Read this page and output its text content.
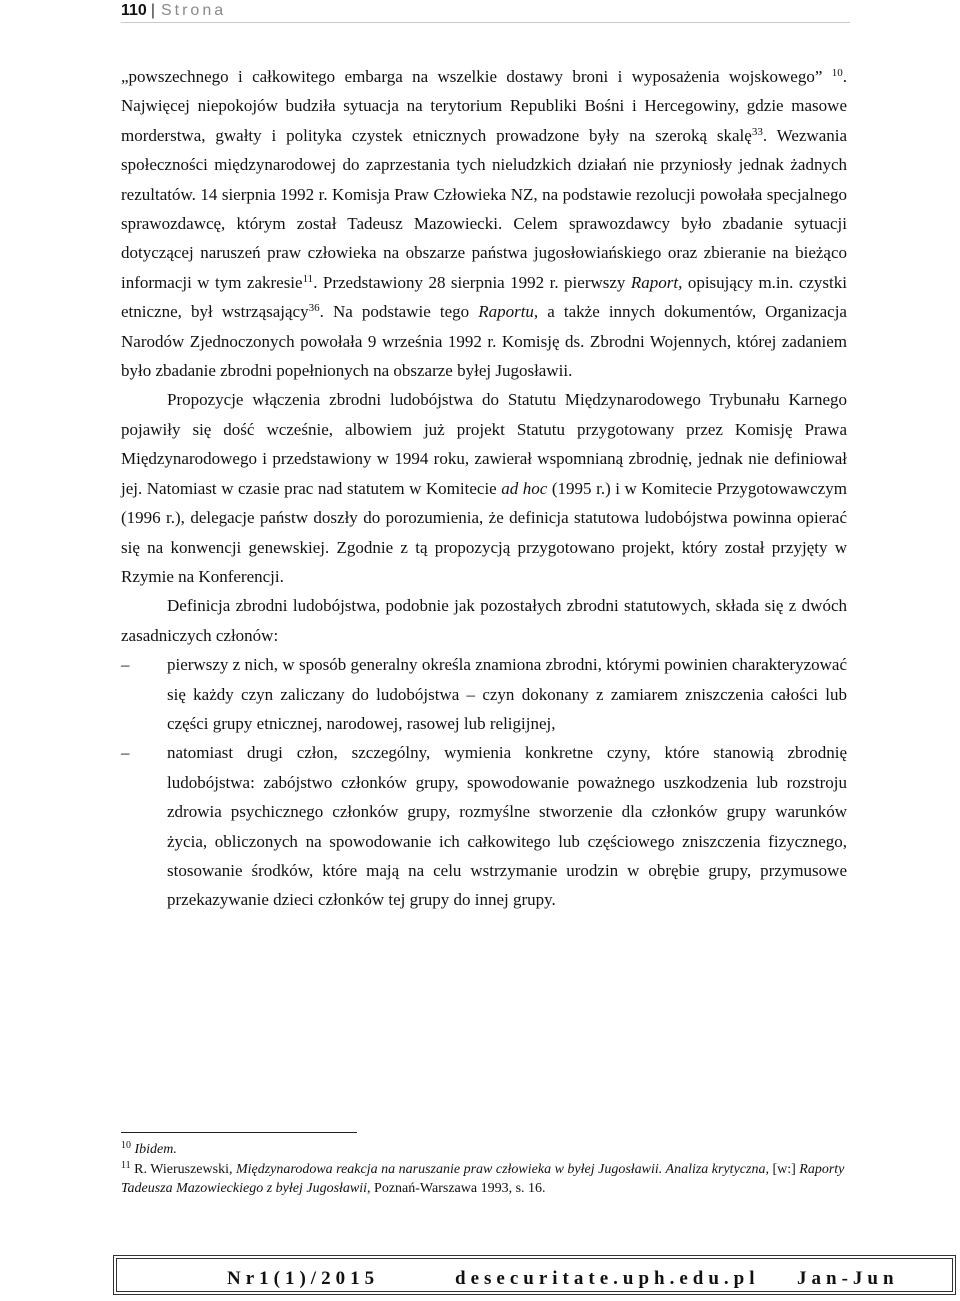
110 | Strona

„powszechnego i całkowitego embarga na wszelkie dostawy broni i wyposażenia wojskowego” $^{10}$. Najwięcej niepokojów budziła sytuacja na terytorium Republiki Bośni i Hercegowiny, gdzie masowe morderstwa, gwałty i polityka czystek etnicznych prowadzone były na szeroką skalę$^{33}$. Wezwania społeczności międzynarodowej do zaprzestania tych nieludzkich działań nie przyniosły jednak żadnych rezultatów. 14 sierpnia 1992 r. Komisja Praw Człowieka NZ, na podstawie rezolucji powołała specjalnego sprawozdawcę, którym został Tadeusz Mazowiecki. Celem sprawozdawcy było zbadanie sytuacji dotyczącej naruszeń praw człowieka na obszarze państwa jugosłowiańskiego oraz zbieranie na bieżąco informacji w tym zakresie$^{11}$. Przedstawiony 28 sierpnia 1992 r. pierwszy Raport, opisujący m.in. czystki etniczne, był wstrząsający$^{36}$. Na podstawie tego Raportu, a także innych dokumentów, Organizacja Narodów Zjednoczonych powołała 9 września 1992 r. Komisję ds. Zbrodni Wojennych, której zadaniem było zbadanie zbrodni popełnionych na obszarze byłej Jugosławii.

Propozycje włączenia zbrodni ludobójstwa do Statutu Międzynarodowego Trybunału Karnego pojawiły się dość wcześnie, albowiem już projekt Statutu przygotowany przez Komisję Prawa Międzynarodowego i przedstawiony w 1994 roku, zawierał wspomnianą zbrodnię, jednak nie definiował jej. Natomiast w czasie prac nad statutem w Komitecie ad hoc (1995 r.) i w Komitecie Przygotowawczym (1996 r.), delegacje państw doszły do porozumienia, że definicja statutowa ludobójstwa powinna opierać się na konwencji genewskiej. Zgodnie z tą propozycją przygotowano projekt, który został przyjęty w Rzymie na Konferencji.

Definicja zbrodni ludobójstwa, podobnie jak pozostałych zbrodni statutowych, składa się z dwóch zasadniczych członów:

–	pierwszy z nich, w sposób generalny określa znamiona zbrodni, którymi powinien charakteryzować się każdy czyn zaliczany do ludobójstwa – czyn dokonany z zamiarem zniszczenia całości lub części grupy etnicznej, narodowej, rasowej lub religijnej,
–	natomiast drugi człon, szczególny, wymienia konkretne czyny, które stanowią zbrodnię ludobójstwa: zabójstwo członków grupy, spowodowanie poważnego uszkodzenia lub rozstroju zdrowia psychicznego członków grupy, rozmyślne stworzenie dla członków grupy warunków życia, obliczonych na spowodowanie ich całkowitego lub częściowego zniszczenia fizycznego, stosowanie środków, które mają na celu wstrzymanie urodzin w obrębie grupy, przymusowe przekazywanie dzieci członków tej grupy do innej grupy.

$^{10}$ Ibidem.

$^{11}$ R. Wieruszewski, Międzynarodowa reakcja na naruszanie praw człowieka w byłej Jugosławii. Analiza krytyczna, [w:] Raporty Tadeusza Mazowieckiego z byłej Jugosławii, Poznań-Warszawa 1993, s. 16.

Nr1(1)/2015	desecuritate.uph.edu.pl Jan-Jun
